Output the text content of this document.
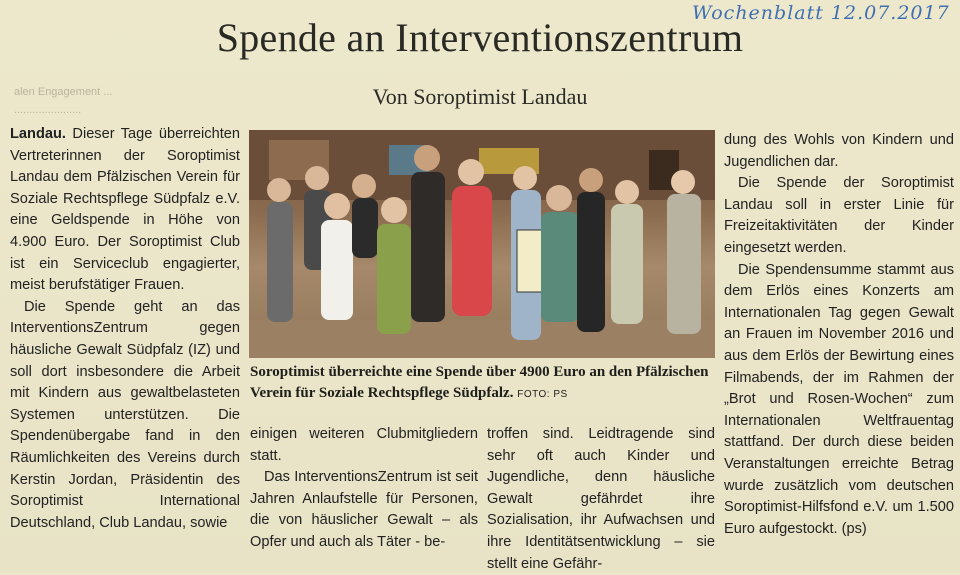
Wochenblatt 12.07.2017
alen Engagement ...
......................
Spende an Interventionszentrum
Von Soroptimist Landau

Landau. Dieser Tage überreichten Vertreterinnen der Soroptimist Landau dem Pfälzischen Verein für Soziale Rechtspflege Südpfalz e.V. eine Geldspende in Höhe von 4.900 Euro. Der Soroptimist Club ist ein Serviceclub engagierter, meist berufstätiger Frauen.

Die Spende geht an das InterventionsZentrum gegen häusliche Gewalt Südpfalz (IZ) und soll dort insbesondere die Arbeit mit Kindern aus gewaltbelasteten Systemen unterstützen. Die Spendenübergabe fand in den Räumlichkeiten des Vereins durch Kerstin Jordan, Präsidentin des Soroptimist International Deutschland, Club Landau, sowie

Soroptimist überreichte eine Spende über 4900 Euro an den Pfälzischen Verein für Soziale Rechtspflege Südpfalz. FOTO: PS

einigen weiteren Clubmitgliedern statt.

Das InterventionsZentrum ist seit Jahren Anlaufstelle für Personen, die von häuslicher Gewalt – als Opfer und auch als Täter - be-

troffen sind. Leidtragende sind sehr oft auch Kinder und Jugendliche, denn häusliche Gewalt gefährdet ihre Sozialisation, ihr Aufwachsen und ihre Identitätsentwicklung – sie stellt eine Gefähr-

dung des Wohls von Kindern und Jugendlichen dar.

Die Spende der Soroptimist Landau soll in erster Linie für Freizeitaktivitäten der Kinder eingesetzt werden.

Die Spendensumme stammt aus dem Erlös eines Konzerts am Internationalen Tag gegen Gewalt an Frauen im November 2016 und aus dem Erlös der Bewirtung eines Filmabends, der im Rahmen der „Brot und Rosen-Wochen“ zum Internationalen Weltfrauentag stattfand. Der durch diese beiden Veranstaltungen erreichte Betrag wurde zusätzlich vom deutschen Soroptimist-Hilfsfond e.V. um 1.500 Euro aufgestockt. (ps)
